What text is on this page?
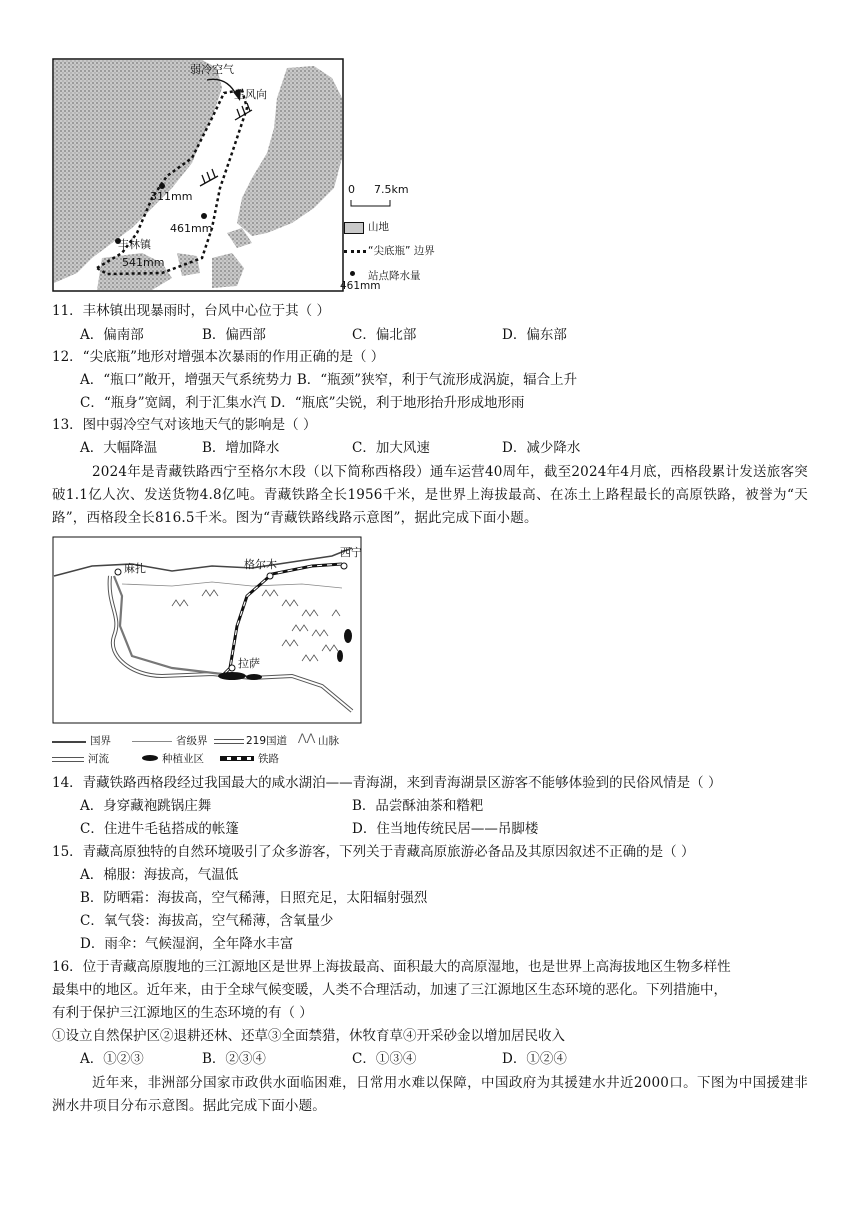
弱冷空气
主风向
311mm
461mm
丰林镇
541mm
0 7.5km
山地
“尖底瓶” 边界
站点降水量
461mm
11．丰林镇出现暴雨时，台风中心位于其（ ）
A．偏南部	B．偏西部	C．偏北部	D．偏东部
12．“尖底瓶”地形对增强本次暴雨的作用正确的是（ ）
A．“瓶口”敞开，增强天气系统势力 B．“瓶颈”狭窄，利于气流形成涡旋，辐合上升
C．“瓶身”宽阔，利于汇集水汽 D．“瓶底”尖锐，利于地形抬升形成地形雨
13．图中弱冷空气对该地天气的影响是（ ）
A．大幅降温	B．增加降水	C．加大风速	D．减少降水
2024年是青藏铁路西宁至格尔木段（以下简称西格段）通车运营40周年，截至2024年4月底，西格段累计发送旅客突破1.1亿人次、发送货物4.8亿吨。青藏铁路全长1956千米，是世界上海拔最高、在冻土上路程最长的高原铁路，被誉为“天路”，西格段全长816.5千米。图为“青藏铁路线路示意图”，据此完成下面小题。
麻扎	格尔木
西宁
拉萨
国界	省级界	219国道 ⋀⋀ 山脉
河流	种植业区	铁路
14．青藏铁路西格段经过我国最大的咸水湖泊——青海湖，来到青海湖景区游客不能够体验到的民俗风情是（ ）
A．身穿藏袍跳锅庄舞	B．品尝酥油茶和糌粑
C．住进牛毛毡搭成的帐篷	D．住当地传统民居——吊脚楼
15．青藏高原独特的自然环境吸引了众多游客，下列关于青藏高原旅游必备品及其原因叙述不正确的是（ ）
A．棉服：海拔高，气温低
B．防晒霜：海拔高，空气稀薄，日照充足，太阳辐射强烈
C．氧气袋：海拔高，空气稀薄，含氧量少
D．雨伞：气候湿润，全年降水丰富
16．位于青藏高原腹地的三江源地区是世界上海拔最高、面积最大的高原湿地，也是世界上高海拔地区生物多样性
最集中的地区。近年来，由于全球气候变暖，人类不合理活动，加速了三江源地区生态环境的恶化。下列措施中，
有利于保护三江源地区的生态环境的有（ ）
①设立自然保护区②退耕还林、还草③全面禁猎，休牧育草④开采砂金以增加居民收入
A．①②③	B．②③④	C．①③④	D．①②④
近年来，非洲部分国家市政供水面临困难，日常用水难以保障，中国政府为其援建水井近2000口。下图为中国援建非洲水井项目分布示意图。据此完成下面小题。
